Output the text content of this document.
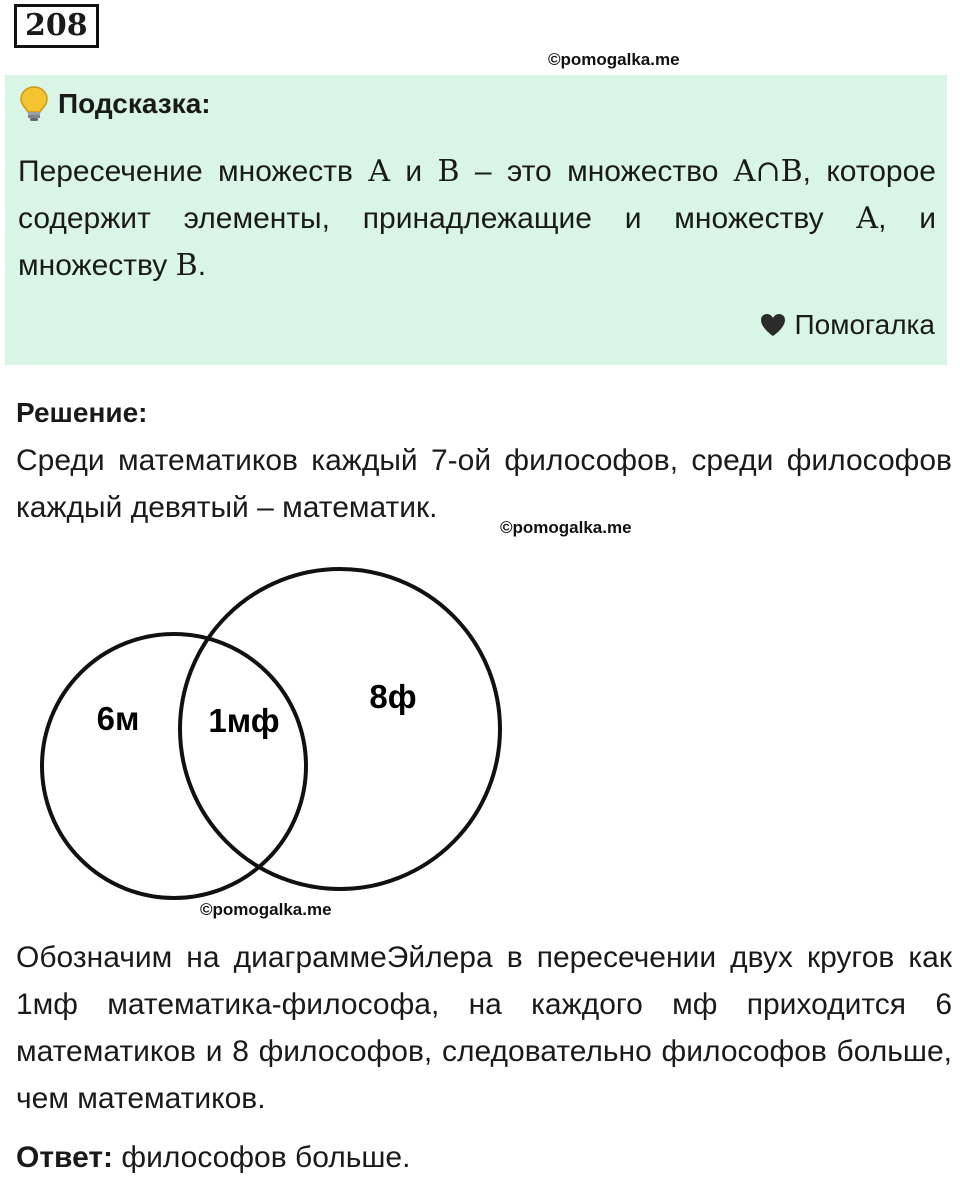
208
©pomogalka.me
Подсказка:
Пересечение множеств A и B – это множество A∩B, которое содержит элементы, принадлежащие и множеству A, и множеству B.
Помогалка
Решение:
Среди математиков каждый 7-ой философов, среди философов каждый девятый – математик.
©pomogalka.me
6м 1мф
8ф
©pomogalka.me
Обозначим на диаграммеЭйлера в пересечении двух кругов как 1мф математика-философа, на каждого мф приходится 6 математиков и 8 философов, следовательно философов больше, чем математиков.
Ответ: философов больше.
